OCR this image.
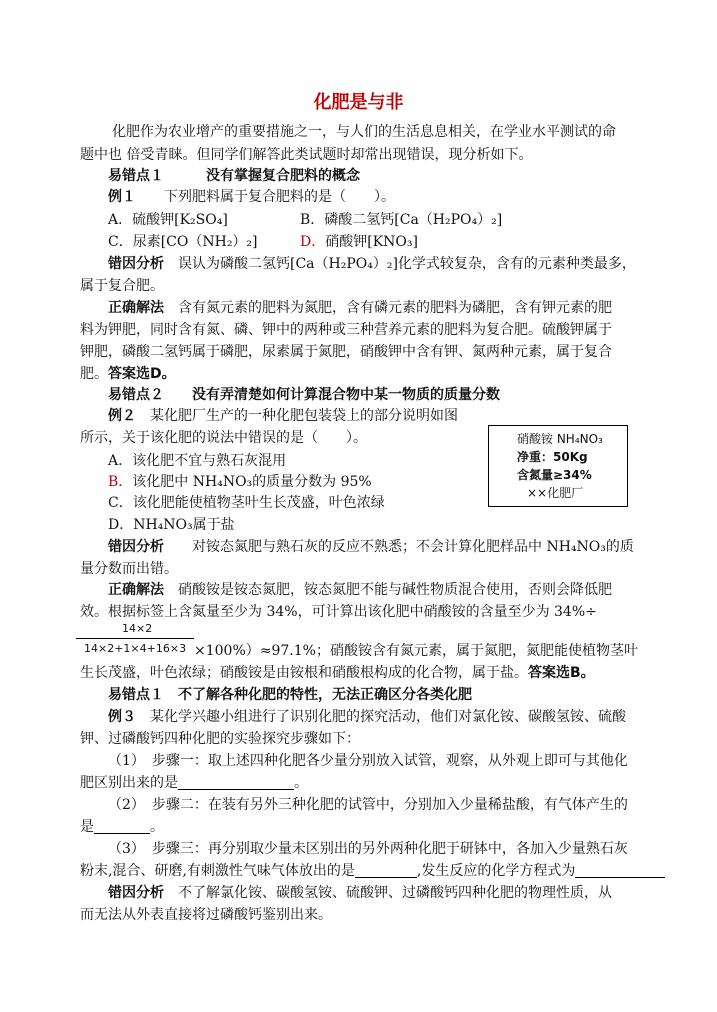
化肥是与非
化肥作为农业增产的重要措施之一，与人们的生活息息相关，在学业水平测试的命
题中也 倍受青睐。但同学们解答此类试题时却常出现错误，现分析如下。
易错点１　　　	没有掌握复合肥料的概念
例１　　 下列肥料属于复合肥料的是（　　）。
A．硫酸钾[K₂SO₄]	B．磷酸二氢钙[Ca（H₂PO₄）₂]
C．尿素[CO（NH₂）₂]	D．硝酸钾[KNO₃]
错因分析　 误认为磷酸二氢钙[Ca（H₂PO₄）₂]化学式较复杂，含有的元素种类最多，
属于复合肥。
正确解法　 含有氮元素的肥料为氮肥，含有磷元素的肥料为磷肥，含有钾元素的肥
料为钾肥，同时含有氮、磷、钾中的两种或三种营养元素的肥料为复合肥。硫酸钾属于
钾肥，磷酸二氢钙属于磷肥，尿素属于氮肥，硝酸钾中含有钾、氮两种元素，属于复合
肥。答案选D。
易错点２　　 没有弄清楚如何计算混合物中某一物质的质量分数
例２　 某化肥厂生产的一种化肥包装袋上的部分说明如图
所示，关于该化肥的说法中错误的是（　　）。
A．该化肥不宜与熟石灰混用
B．该化肥中 NH₄NO₃的质量分数为 95%
C．该化肥能使植物茎叶生长茂盛，叶色浓绿
D．NH₄NO₃属于盐
硝酸铵 NH₄NO₃
净重：50Kg
含氮量≥34%
××化肥厂
错因分析　　 对铵态氮肥与熟石灰的反应不熟悉；不会计算化肥样品中 NH₄NO₃的质
量分数而出错。
正确解法　 硝酸铵是铵态氮肥，铵态氮肥不能与碱性物质混合使用，否则会降低肥
效。根据标签上含氮量至少为 34%，可计算出该化肥中硝酸铵的含量至少为 34%÷
14×2
14×2+1×4+16×3 ×100%）≈97.1%；硝酸铵含有氮元素，属于氮肥，氮肥能使植物茎叶
生长茂盛，叶色浓绿；硝酸铵是由铵根和硝酸根构成的化合物，属于盐。答案选B。
易错点１　 不了解各种化肥的特性，无法正确区分各类化肥
例３　 某化学兴趣小组进行了识别化肥的探究活动，他们对氯化铵、碳酸氢铵、硫酸
钾、过磷酸钙四种化肥的实验探究步骤如下：
（1）　步骤一：取上述四种化肥各少量分别放入试管，观察，从外观上即可与其他化
肥区别出来的是	。
（2）　步骤二：在装有另外三种化肥的试管中，分别加入少量稀盐酸，有气体产生的
是	。
（3）　步骤三：再分别取少量未区别出的另外两种化肥于研钵中，各加入少量熟石灰
粉末,混合、研磨,有刺激性气味气体放出的是	,发生反应的化学方程式为
错因分析　 不了解氯化铵、碳酸氢铵、硫酸钾、过磷酸钙四种化肥的物理性质，从
而无法从外表直接将过磷酸钙鉴别出来。
